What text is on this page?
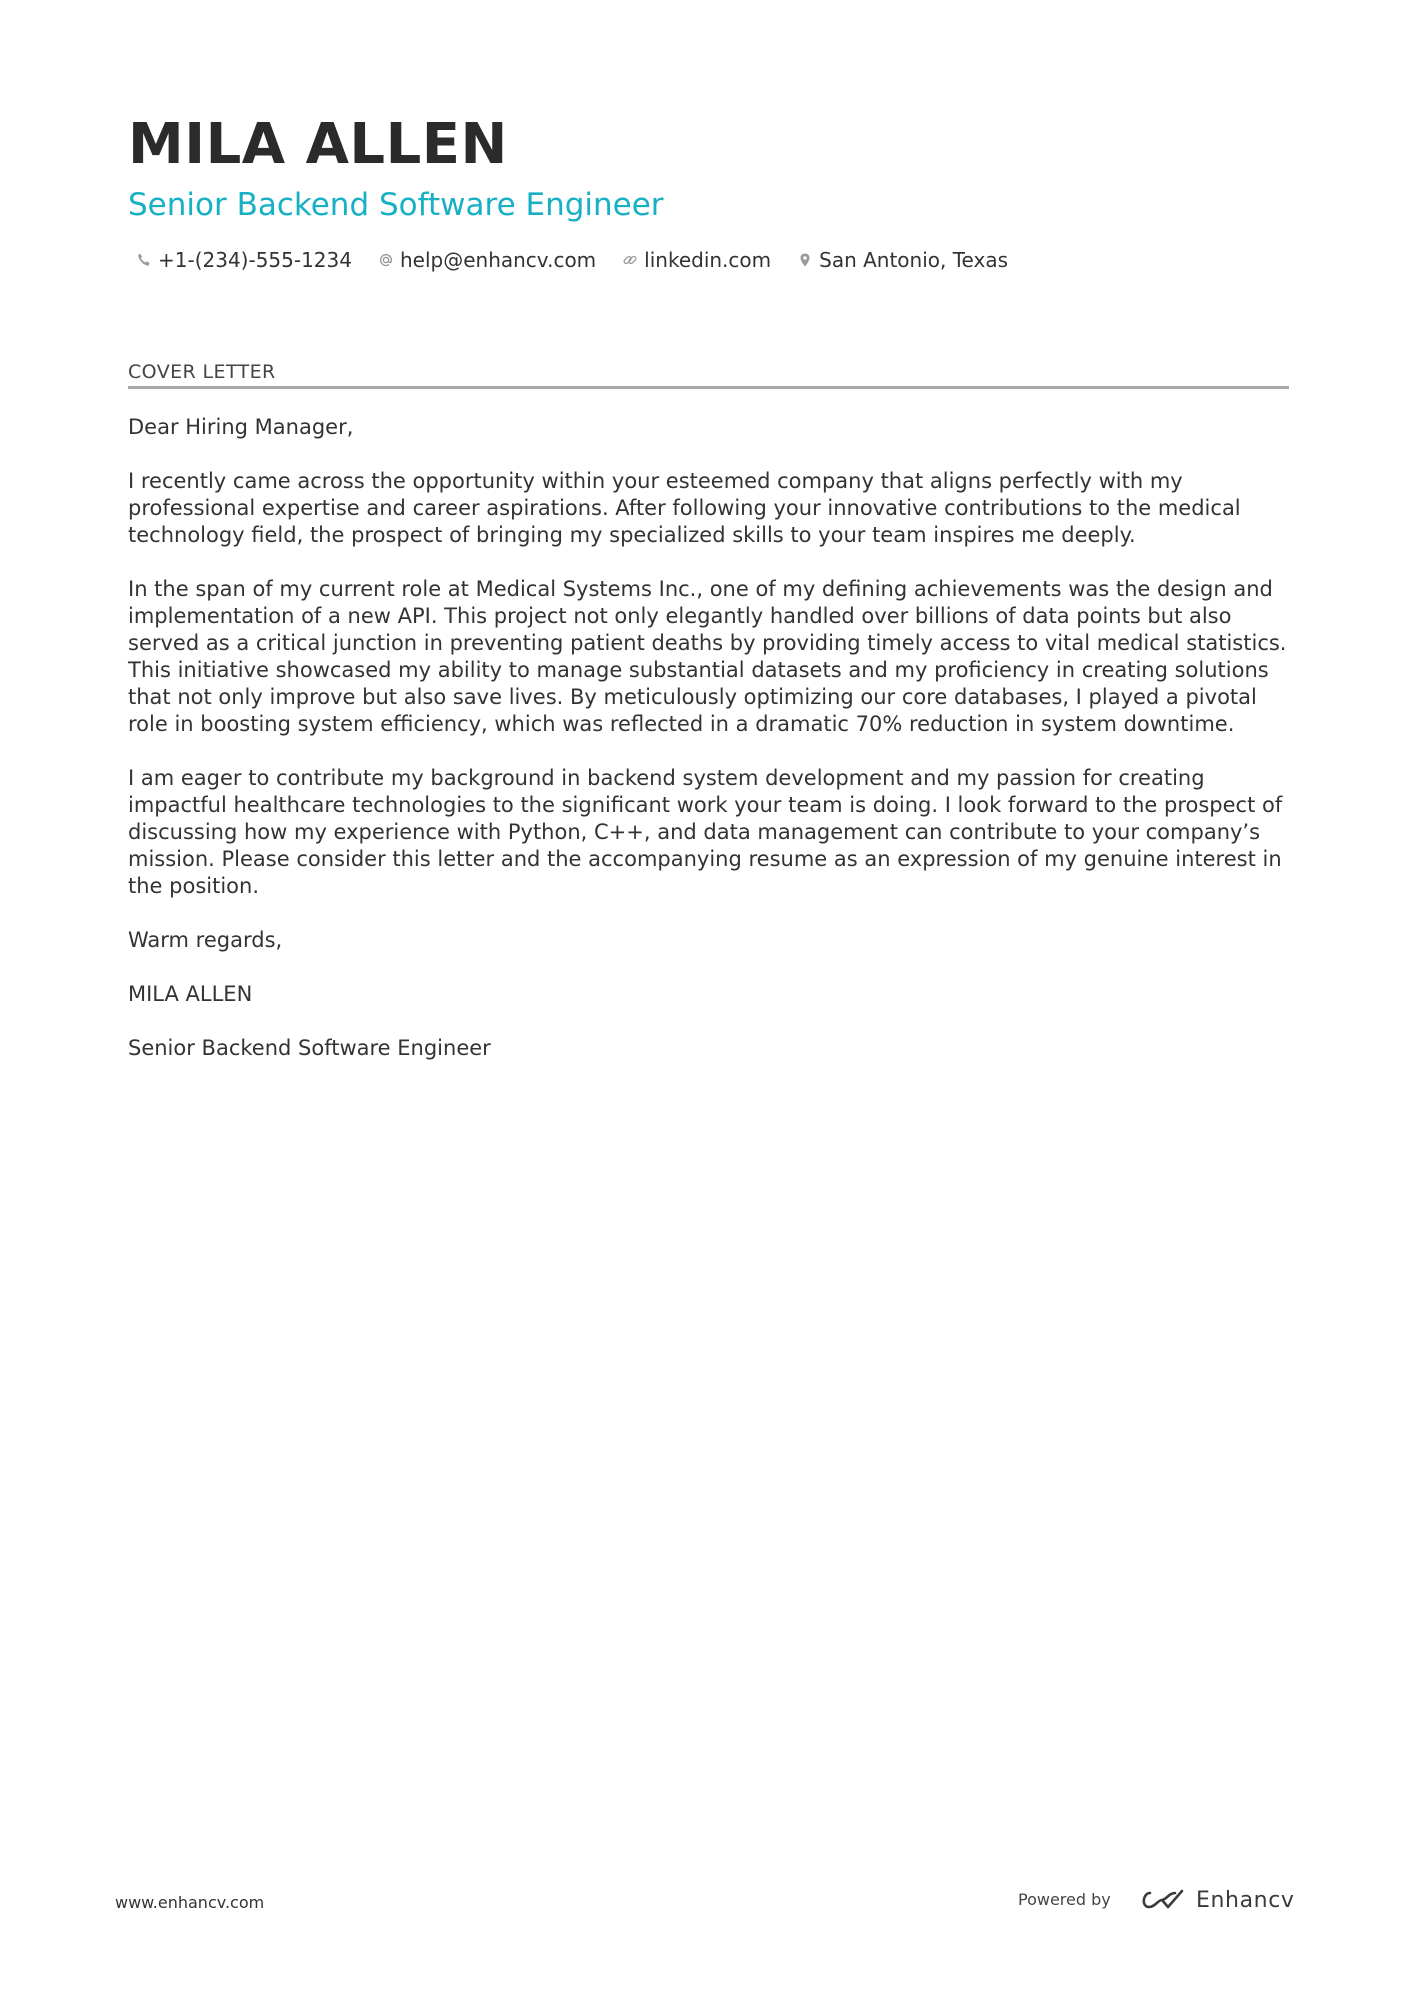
MILA ALLEN
Senior Backend Software Engineer
+1-(234)-555-1234 help@enhancv.com linkedin.com San Antonio, Texas
COVER LETTER

Dear Hiring Manager,

I recently came across the opportunity within your esteemed company that aligns perfectly with my professional expertise and career aspirations. After following your innovative contributions to the medical technology field, the prospect of bringing my specialized skills to your team inspires me deeply.

In the span of my current role at Medical Systems Inc., one of my defining achievements was the design and implementation of a new API. This project not only elegantly handled over billions of data points but also served as a critical junction in preventing patient deaths by providing timely access to vital medical statistics. This initiative showcased my ability to manage substantial datasets and my proficiency in creating solutions that not only improve but also save lives. By meticulously optimizing our core databases, I played a pivotal role in boosting system efficiency, which was reflected in a dramatic 70% reduction in system downtime.

I am eager to contribute my background in backend system development and my passion for creating impactful healthcare technologies to the significant work your team is doing. I look forward to the prospect of discussing how my experience with Python, C++, and data management can contribute to your company’s mission. Please consider this letter and the accompanying resume as an expression of my genuine interest in the position.

Warm regards,

MILA ALLEN

Senior Backend Software Engineer

www.enhancv.com	Powered by	Enhancv
